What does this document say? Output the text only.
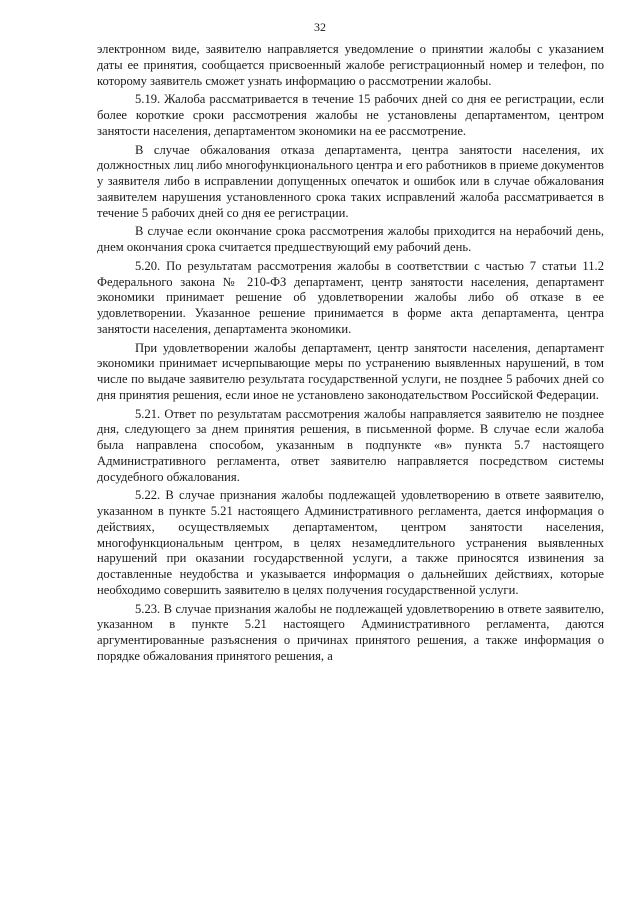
32

электронном виде, заявителю направляется уведомление о принятии жалобы с указанием даты ее принятия, сообщается присвоенный жалобе регистрационный номер и телефон, по которому заявитель сможет узнать информацию о рассмотрении жалобы.

5.19. Жалоба рассматривается в течение 15 рабочих дней со дня ее регистрации, если более короткие сроки рассмотрения жалобы не установлены департаментом, центром занятости населения, департаментом экономики на ее рассмотрение.

В случае обжалования отказа департамента, центра занятости населения, их должностных лиц либо многофункционального центра и его работников в приеме документов у заявителя либо в исправлении допущенных опечаток и ошибок или в случае обжалования заявителем нарушения установленного срока таких исправлений жалоба рассматривается в течение 5 рабочих дней со дня ее регистрации.

В случае если окончание срока рассмотрения жалобы приходится на нерабочий день, днем окончания срока считается предшествующий ему рабочий день.

5.20. По результатам рассмотрения жалобы в соответствии с частью 7 статьи 11.2 Федерального закона № 210-ФЗ департамент, центр занятости населения, департамент экономики принимает решение об удовлетворении жалобы либо об отказе в ее удовлетворении. Указанное решение принимается в форме акта департамента, центра занятости населения, департамента экономики.

При удовлетворении жалобы департамент, центр занятости населения, департамент экономики принимает исчерпывающие меры по устранению выявленных нарушений, в том числе по выдаче заявителю результата государственной услуги, не позднее 5 рабочих дней со дня принятия решения, если иное не установлено законодательством Российской Федерации.

5.21. Ответ по результатам рассмотрения жалобы направляется заявителю не позднее дня, следующего за днем принятия решения, в письменной форме. В случае если жалоба была направлена способом, указанным в подпункте «в» пункта 5.7 настоящего Административного регламента, ответ заявителю направляется посредством системы досудебного обжалования.

5.22. В случае признания жалобы подлежащей удовлетворению в ответе заявителю, указанном в пункте 5.21 настоящего Административного регламента, дается информация о действиях, осуществляемых департаментом, центром занятости населения, многофункциональным центром, в целях незамедлительного устранения выявленных нарушений при оказании государственной услуги, а также приносятся извинения за доставленные неудобства и указывается информация о дальнейших действиях, которые необходимо совершить заявителю в целях получения государственной услуги.

5.23. В случае признания жалобы не подлежащей удовлетворению в ответе заявителю, указанном в пункте 5.21 настоящего Административного регламента, даются аргументированные разъяснения о причинах принятого решения, а также информация о порядке обжалования принятого решения, а
